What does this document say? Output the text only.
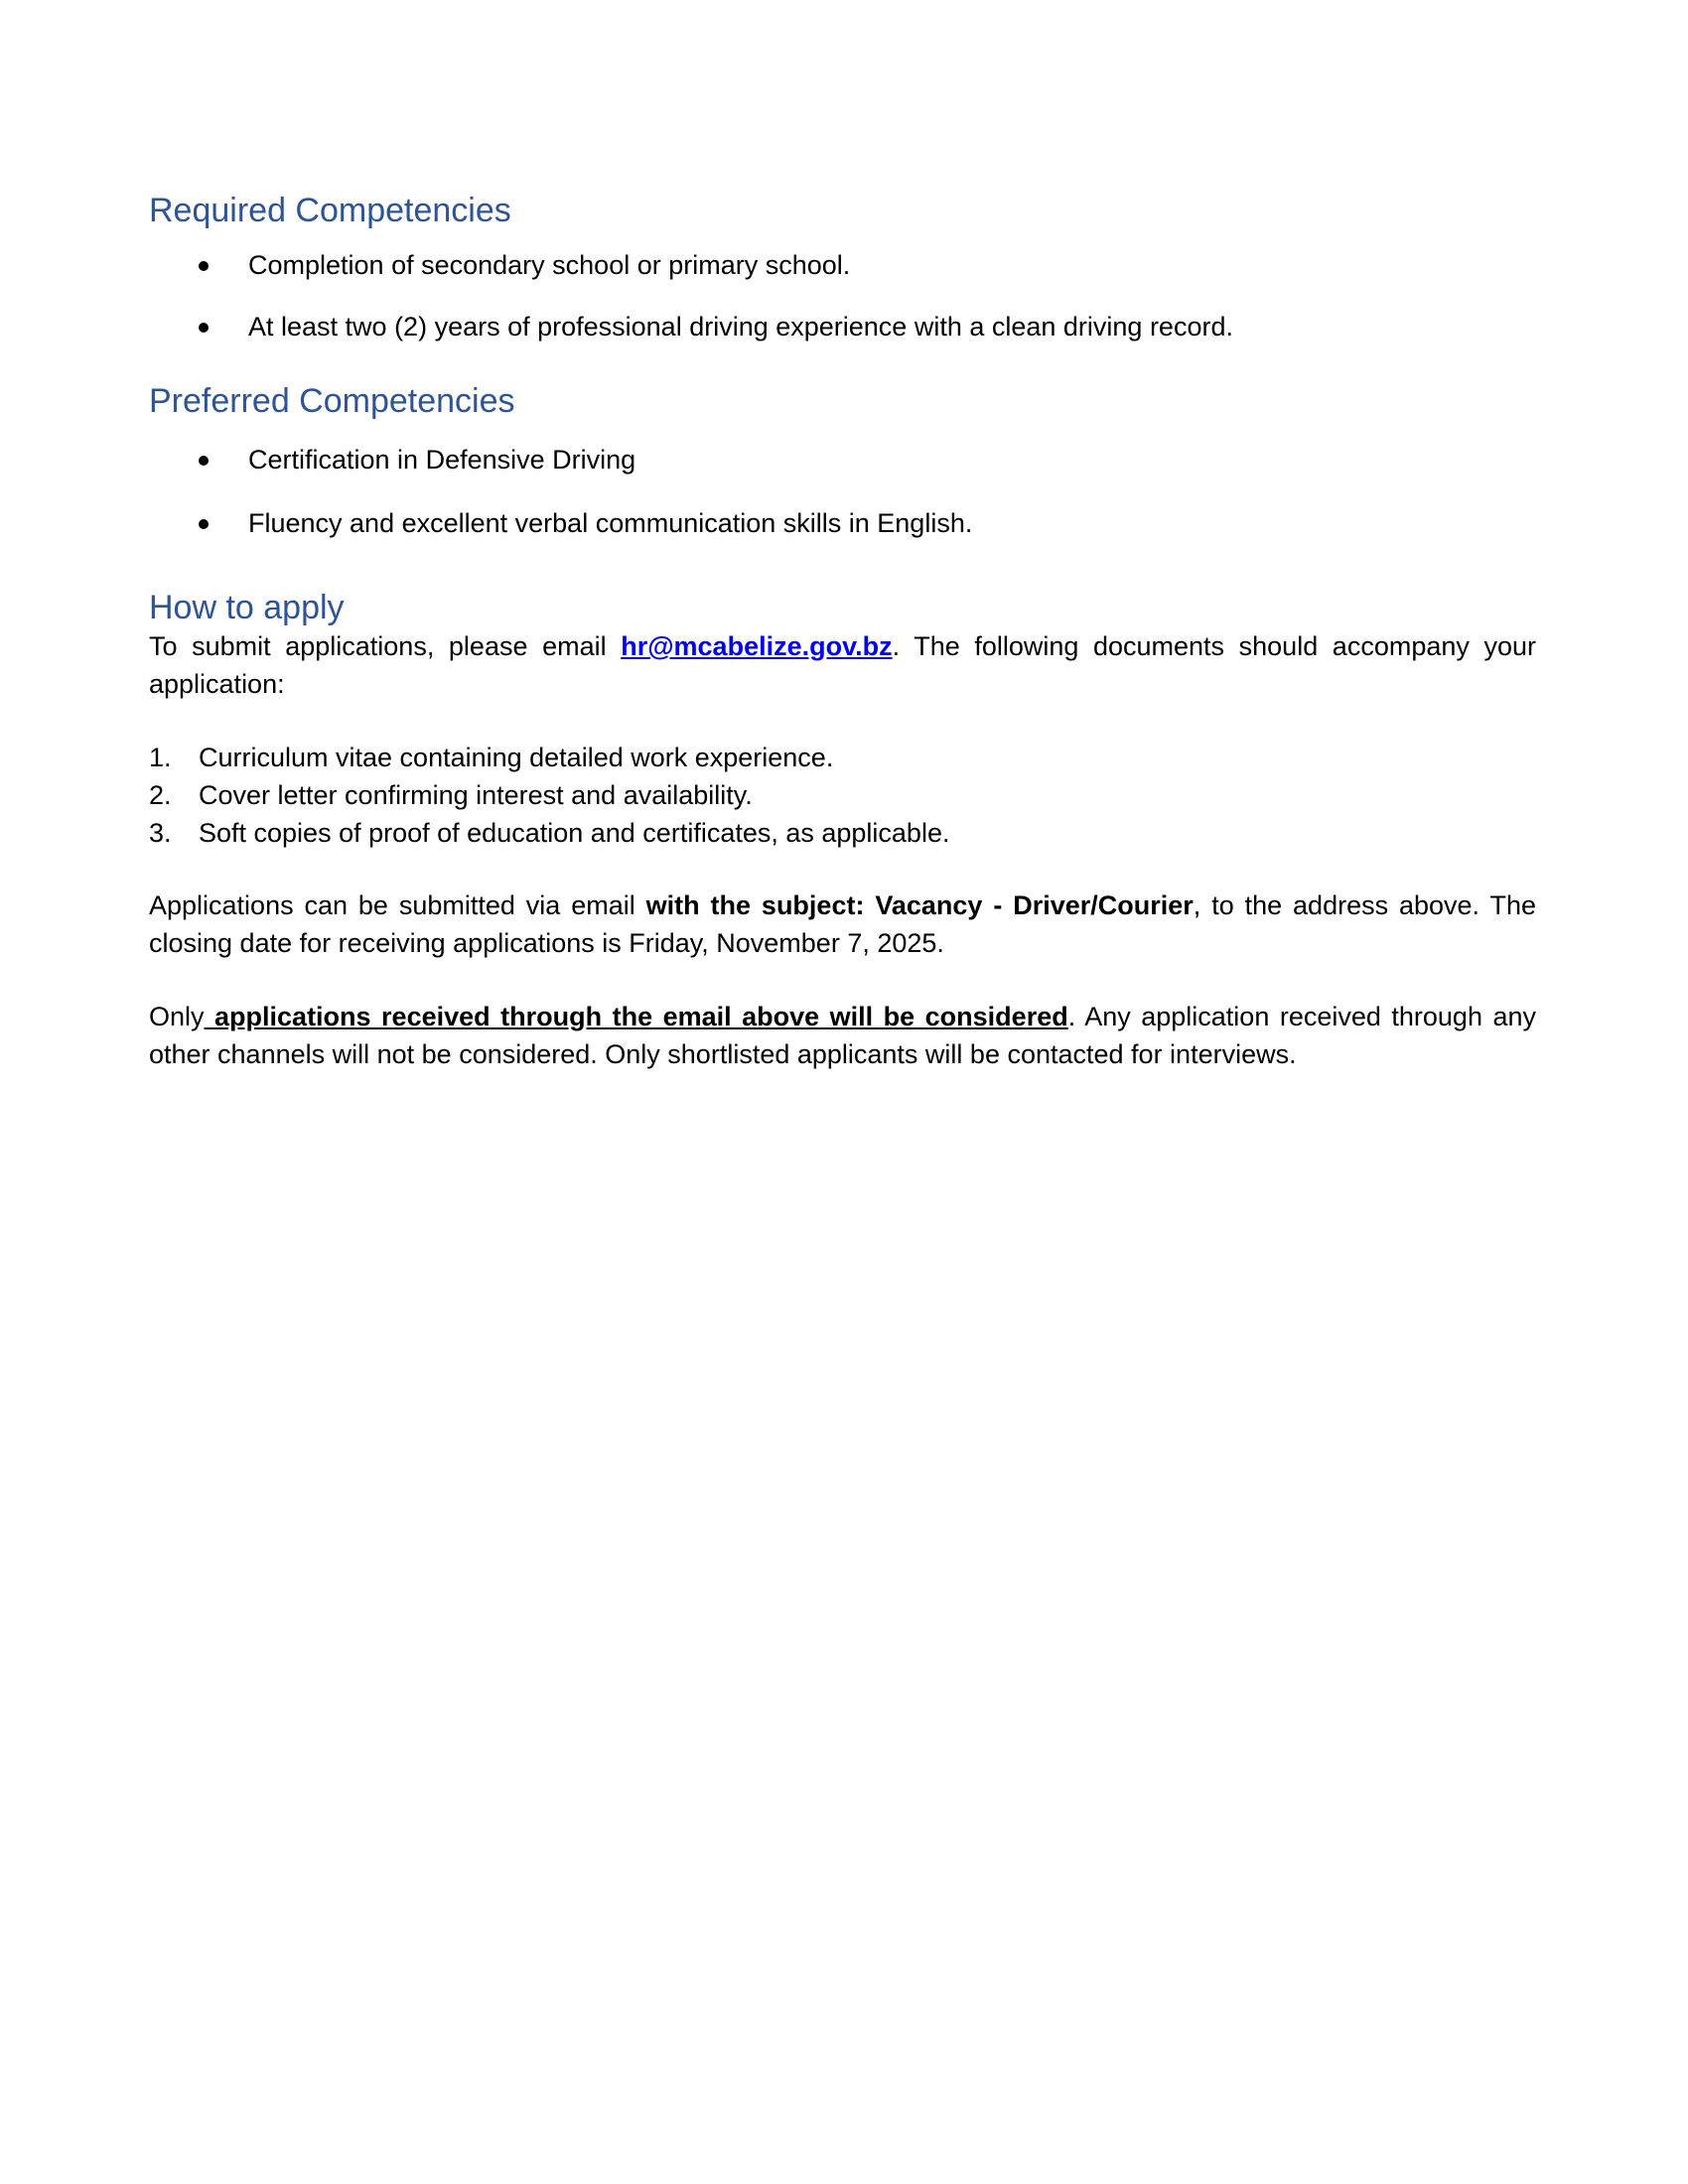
Required Competencies
Completion of secondary school or primary school.
At least two (2) years of professional driving experience with a clean driving record.
Preferred Competencies
Certification in Defensive Driving
Fluency and excellent verbal communication skills in English.
How to apply

To submit applications, please email hr@mcabelize.gov.bz. The following documents should accompany your application:

1. Curriculum vitae containing detailed work experience.
2. Cover letter confirming interest and availability.
3. Soft copies of proof of education and certificates, as applicable.

Applications can be submitted via email with the subject: Vacancy - Driver/Courier, to the address above. The closing date for receiving applications is Friday, November 7, 2025.

Only applications received through the email above will be considered. Any application received through any other channels will not be considered. Only shortlisted applicants will be contacted for interviews.
